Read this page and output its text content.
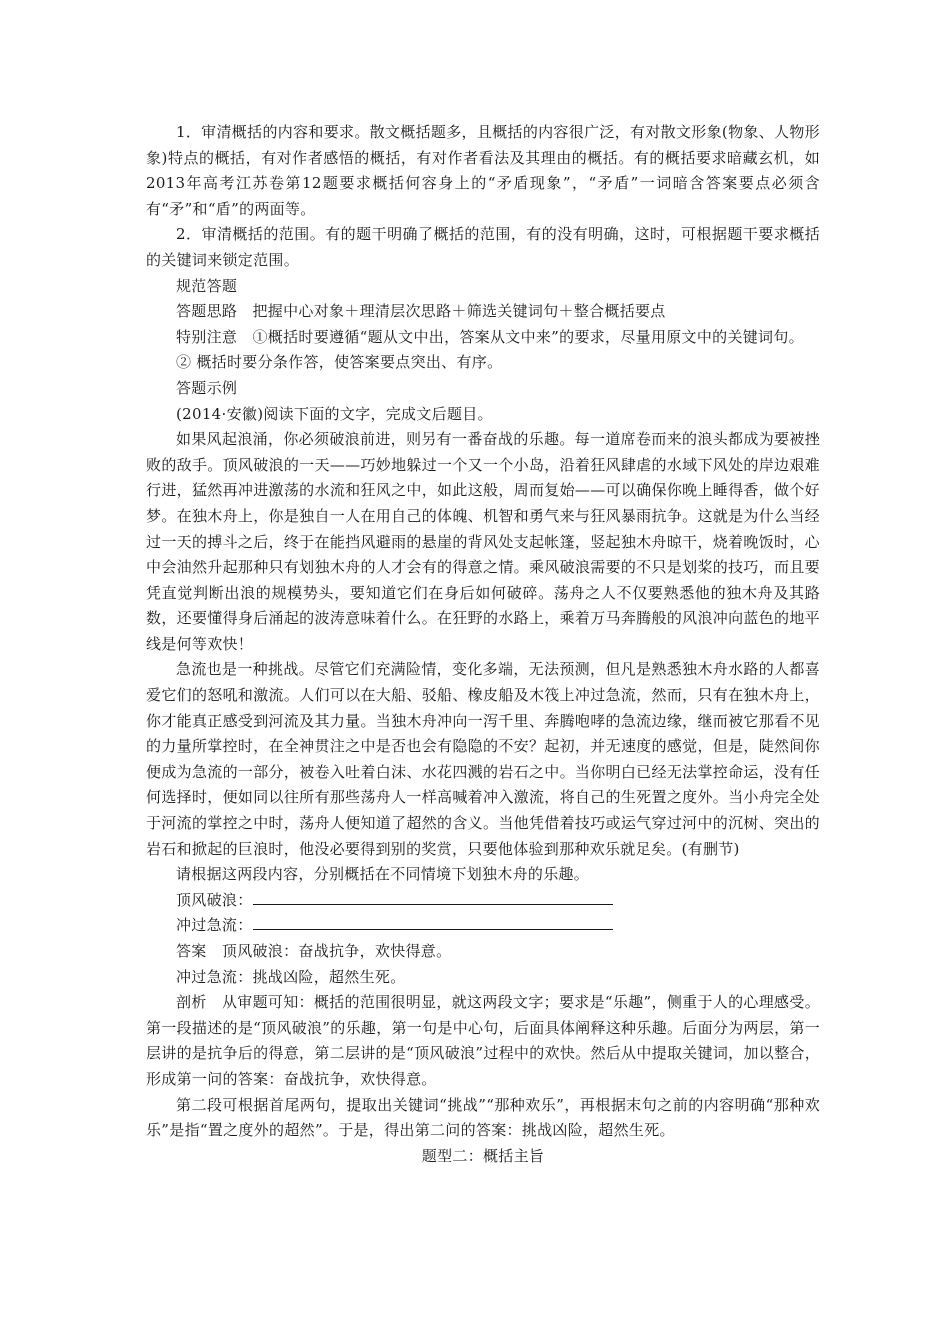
1．审清概括的内容和要求。散文概括题多，且概括的内容很广泛，有对散文形象(物象、人物形象)特点的概括，有对作者感悟的概括，有对作者看法及其理由的概括。有的概括要求暗藏玄机，如2013年高考江苏卷第12题要求概括何容身上的“矛盾现象”，“矛盾”一词暗含答案要点必须含有“矛”和“盾”的两面等。

2．审清概括的范围。有的题干明确了概括的范围，有的没有明确，这时，可根据题干要求概括的关键词来锁定范围。

规范答题

答题思路　把握中心对象＋理清层次思路＋筛选关键词句＋整合概括要点

特别注意　①概括时要遵循“题从文中出，答案从文中来”的要求，尽量用原文中的关键词句。

② 概括时要分条作答，使答案要点突出、有序。

答题示例

(2014·安徽)阅读下面的文字，完成文后题目。

如果风起浪涌，你必须破浪前进，则另有一番奋战的乐趣。每一道席卷而来的浪头都成为要被挫败的敌手。顶风破浪的一天——巧妙地躲过一个又一个小岛，沿着狂风肆虐的水域下风处的岸边艰难行进，猛然再冲进激荡的水流和狂风之中，如此这般，周而复始——可以确保你晚上睡得香，做个好梦。在独木舟上，你是独自一人在用自己的体魄、机智和勇气来与狂风暴雨抗争。这就是为什么当经过一天的搏斗之后，终于在能挡风避雨的悬崖的背风处支起帐篷，竖起独木舟晾干，烧着晚饭时，心中会油然升起那种只有划独木舟的人才会有的得意之情。乘风破浪需要的不只是划桨的技巧，而且要凭直觉判断出浪的规模势头，要知道它们在身后如何破碎。荡舟之人不仅要熟悉他的独木舟及其路数，还要懂得身后涌起的波涛意味着什么。在狂野的水路上，乘着万马奔腾般的风浪冲向蓝色的地平线是何等欢快！

急流也是一种挑战。尽管它们充满险情，变化多端，无法预测，但凡是熟悉独木舟水路的人都喜爱它们的怒吼和激流。人们可以在大船、驳船、橡皮船及木筏上冲过急流，然而，只有在独木舟上，你才能真正感受到河流及其力量。当独木舟冲向一泻千里、奔腾咆哮的急流边缘，继而被它那看不见的力量所掌控时，在全神贯注之中是否也会有隐隐的不安？起初，并无速度的感觉，但是，陡然间你便成为急流的一部分，被卷入吐着白沫、水花四溅的岩石之中。当你明白已经无法掌控命运，没有任何选择时，便如同以往所有那些荡舟人一样高喊着冲入激流，将自己的生死置之度外。当小舟完全处于河流的掌控之中时，荡舟人便知道了超然的含义。当他凭借着技巧或运气穿过河中的沉树、突出的岩石和掀起的巨浪时，他没必要得到别的奖赏，只要他体验到那种欢乐就足矣。(有删节)

请根据这两段内容，分别概括在不同情境下划独木舟的乐趣。

顶风破浪：

冲过急流：

答案　顶风破浪：奋战抗争，欢快得意。

冲过急流：挑战凶险，超然生死。

剖析　从审题可知：概括的范围很明显，就这两段文字；要求是“乐趣”，侧重于人的心理感受。第一段描述的是“顶风破浪”的乐趣，第一句是中心句，后面具体阐释这种乐趣。后面分为两层，第一层讲的是抗争后的得意，第二层讲的是“顶风破浪”过程中的欢快。然后从中提取关键词，加以整合，形成第一问的答案：奋战抗争，欢快得意。

第二段可根据首尾两句，提取出关键词“挑战”“那种欢乐”，再根据末句之前的内容明确“那种欢乐”是指“置之度外的超然”。于是，得出第二问的答案：挑战凶险，超然生死。

题型二：概括主旨
